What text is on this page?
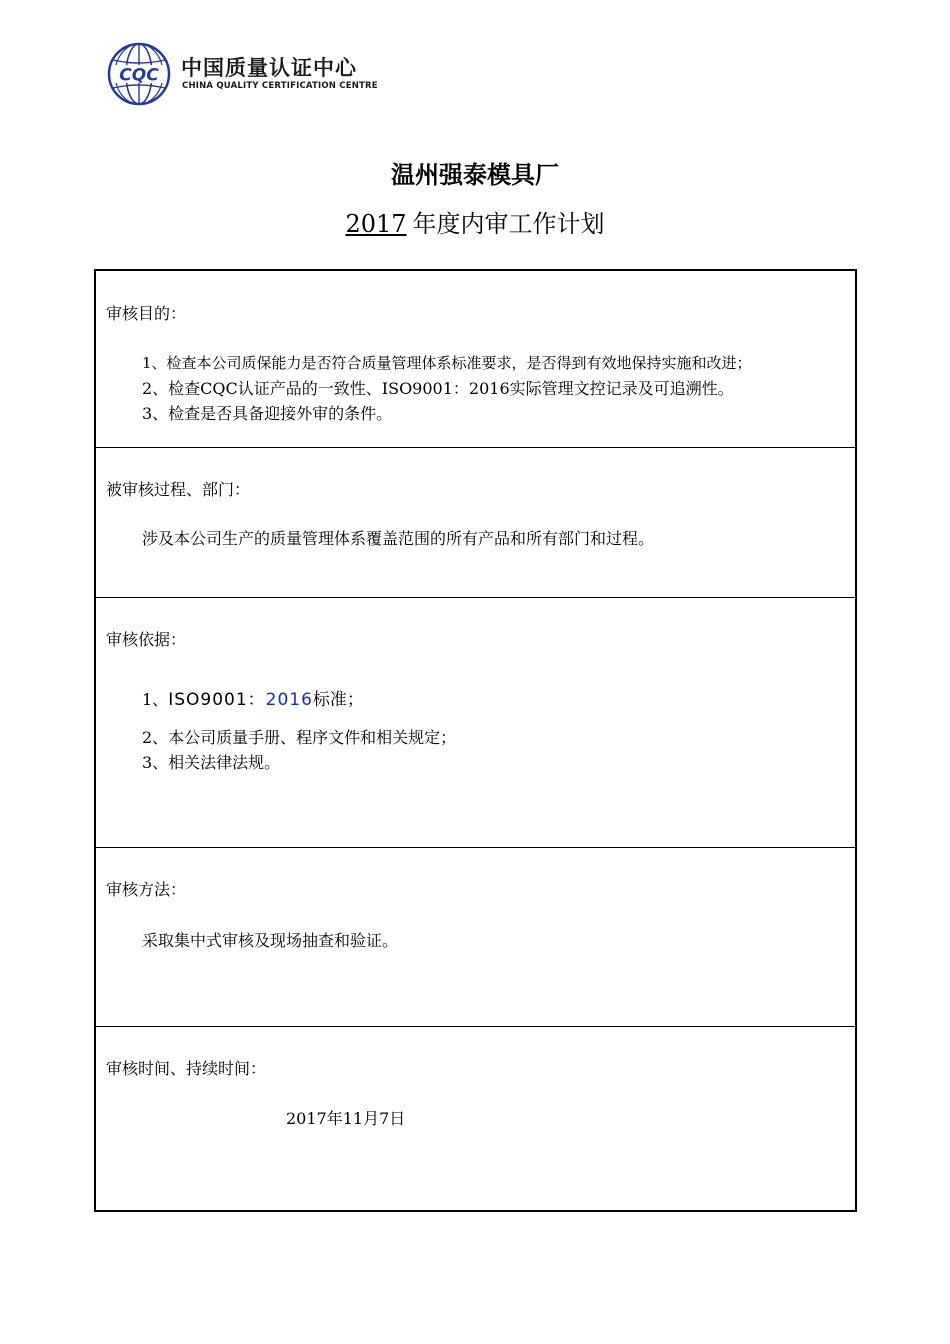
CQC 中国质量认证中心
CHINA QUALITY CERTIFICATION CENTRE
温州强泰模具厂
2017 年度内审工作计划
审核目的：
1、检查本公司质保能力是否符合质量管理体系标准要求，是否得到有效地保持实施和改进；
2、检查CQC认证产品的一致性、ISO9001：2016实际管理文控记录及可追溯性。
3、检查是否具备迎接外审的条件。
被审核过程、部门：
涉及本公司生产的质量管理体系覆盖范围的所有产品和所有部门和过程。
审核依据：
1、ISO9001：2016标准；
2、本公司质量手册、程序文件和相关规定；
3、相关法律法规。
审核方法：
采取集中式审核及现场抽查和验证。
审核时间、持续时间：
2017年11月7日
